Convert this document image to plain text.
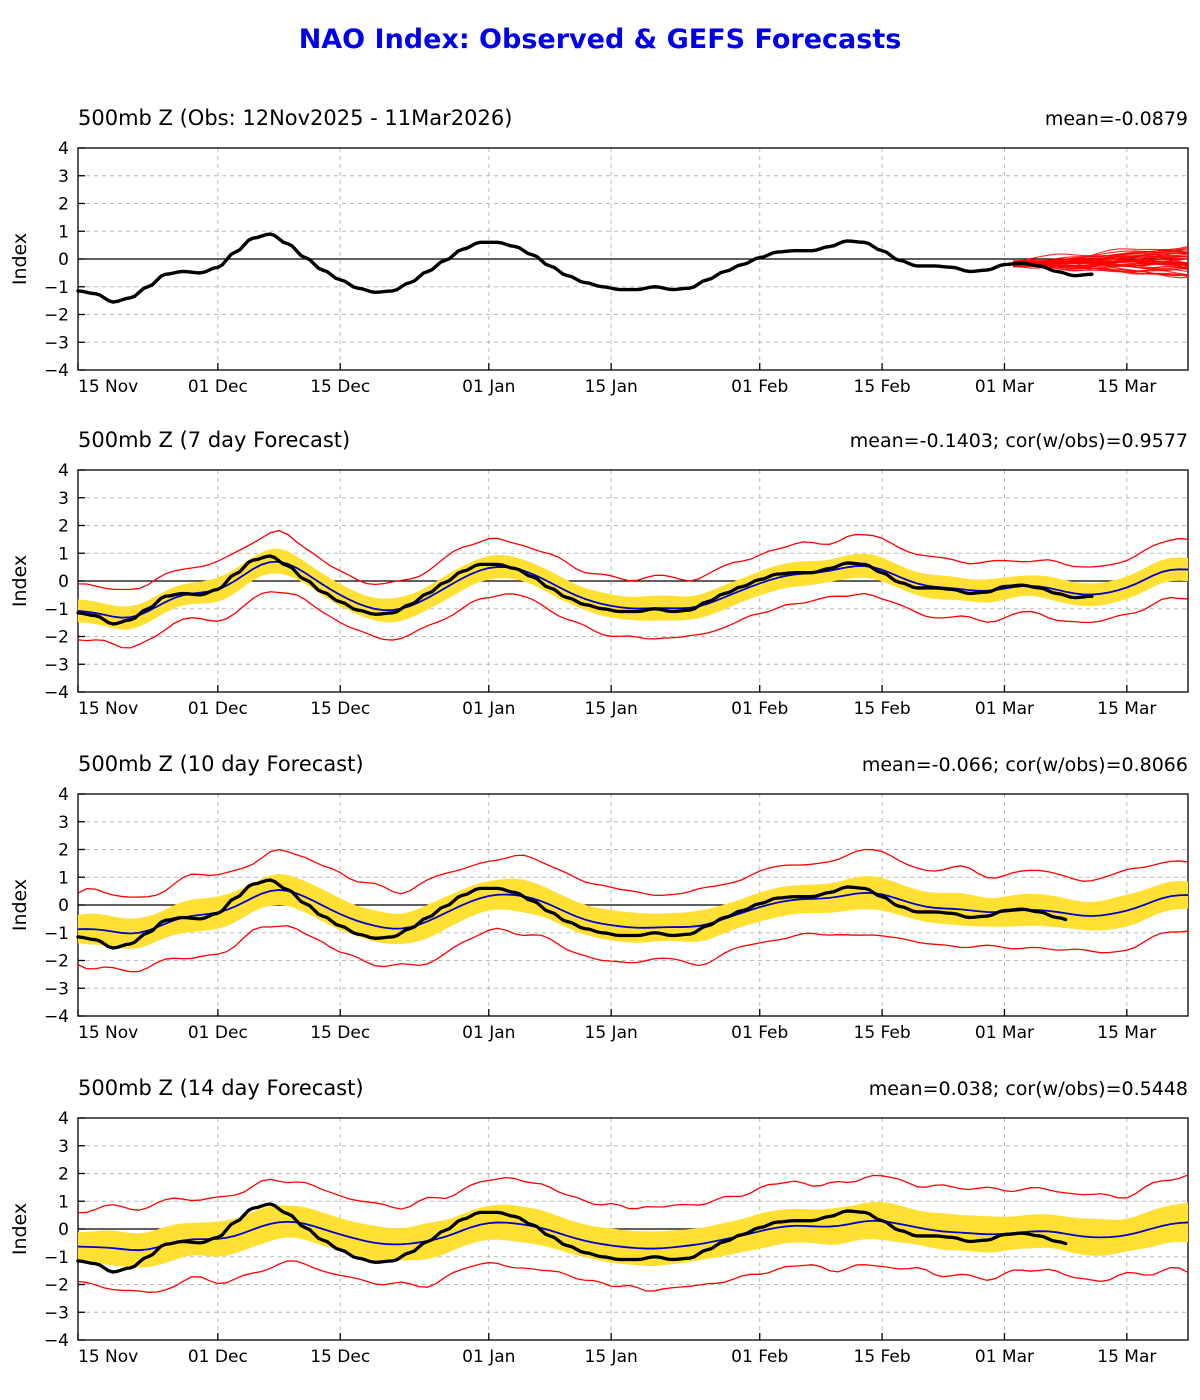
NAO Index: Observed & GEFS Forecasts
500mb Z (Obs: 12Nov2025 - 11Mar2026)	mean=-0.0879
−4
−3
−2
−1
0
1
2
3
4
15 Nov	01 Dec	15 Dec	01 Jan	15 Jan	01 Feb	15 Feb	01 Mar	15 Mar
Index
500mb Z (7 day Forecast)	mean=-0.1403; cor(w/obs)=0.9577
−4
−3
−2
−1
0
1
2
3
4
15 Nov	01 Dec	15 Dec	01 Jan	15 Jan	01 Feb	15 Feb	01 Mar	15 Mar
Index
500mb Z (10 day Forecast)	mean=-0.066; cor(w/obs)=0.8066
−4
−3
−2
−1
0
1
2
3
4
15 Nov	01 Dec	15 Dec	01 Jan	15 Jan	01 Feb	15 Feb	01 Mar	15 Mar
Index
500mb Z (14 day Forecast)	mean=0.038; cor(w/obs)=0.5448
−4
−3
−2
−1
0
1
2
3
4
15 Nov	01 Dec	15 Dec	01 Jan	15 Jan	01 Feb	15 Feb	01 Mar	15 Mar
Index
